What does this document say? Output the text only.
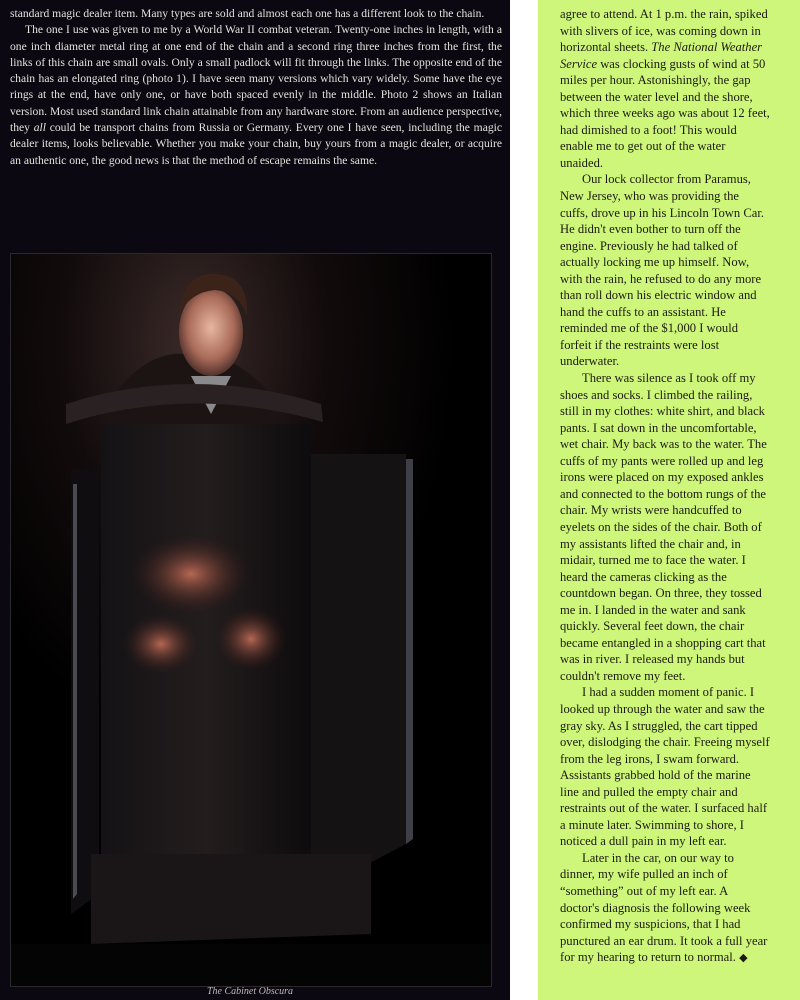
standard magic dealer item. Many types are sold and almost each one has a different look to the chain.

The one I use was given to me by a World War II combat veteran. Twenty-one inches in length, with a one inch diameter metal ring at one end of the chain and a second ring three inches from the first, the links of this chain are small ovals. Only a small padlock will fit through the links. The opposite end of the chain has an elongated ring (photo 1). I have seen many versions which vary widely. Some have the eye rings at the end, have only one, or have both spaced evenly in the middle. Photo 2 shows an Italian version. Most used standard link chain attainable from any hardware store. From an audience perspective, they all could be transport chains from Russia or Germany. Every one I have seen, including the magic dealer items, looks believable. Whether you make your chain, buy yours from a magic dealer, or acquire an authentic one, the good news is that the method of escape remains the same.

The Cabinet Obscura

agree to attend. At 1 p.m. the rain, spiked with slivers of ice, was coming down in horizontal sheets. The National Weather Service was clocking gusts of wind at 50 miles per hour. Astonishingly, the gap between the water level and the shore, which three weeks ago was about 12 feet, had dimished to a foot! This would enable me to get out of the water unaided.

Our lock collector from Paramus, New Jersey, who was providing the cuffs, drove up in his Lincoln Town Car. He didn't even bother to turn off the engine. Previously he had talked of actually locking me up himself. Now, with the rain, he refused to do any more than roll down his electric window and hand the cuffs to an assistant. He reminded me of the $1,000 I would forfeit if the restraints were lost underwater.

There was silence as I took off my shoes and socks. I climbed the railing, still in my clothes: white shirt, and black pants. I sat down in the uncomfortable, wet chair. My back was to the water. The cuffs of my pants were rolled up and leg irons were placed on my exposed ankles and connected to the bottom rungs of the chair. My wrists were handcuffed to eyelets on the sides of the chair. Both of my assistants lifted the chair and, in midair, turned me to face the water. I heard the cameras clicking as the countdown began. On three, they tossed me in. I landed in the water and sank quickly. Several feet down, the chair became entangled in a shopping cart that was in river. I released my hands but couldn't remove my feet.

I had a sudden moment of panic. I looked up through the water and saw the gray sky. As I struggled, the cart tipped over, dislodging the chair. Freeing myself from the leg irons, I swam forward. Assistants grabbed hold of the marine line and pulled the empty chair and restraints out of the water. I surfaced half a minute later. Swimming to shore, I noticed a dull pain in my left ear.

Later in the car, on our way to dinner, my wife pulled an inch of “something” out of my left ear. A doctor's diagnosis the following week confirmed my suspicions, that I had punctured an ear drum. It took a full year for my hearing to return to normal. ◆
